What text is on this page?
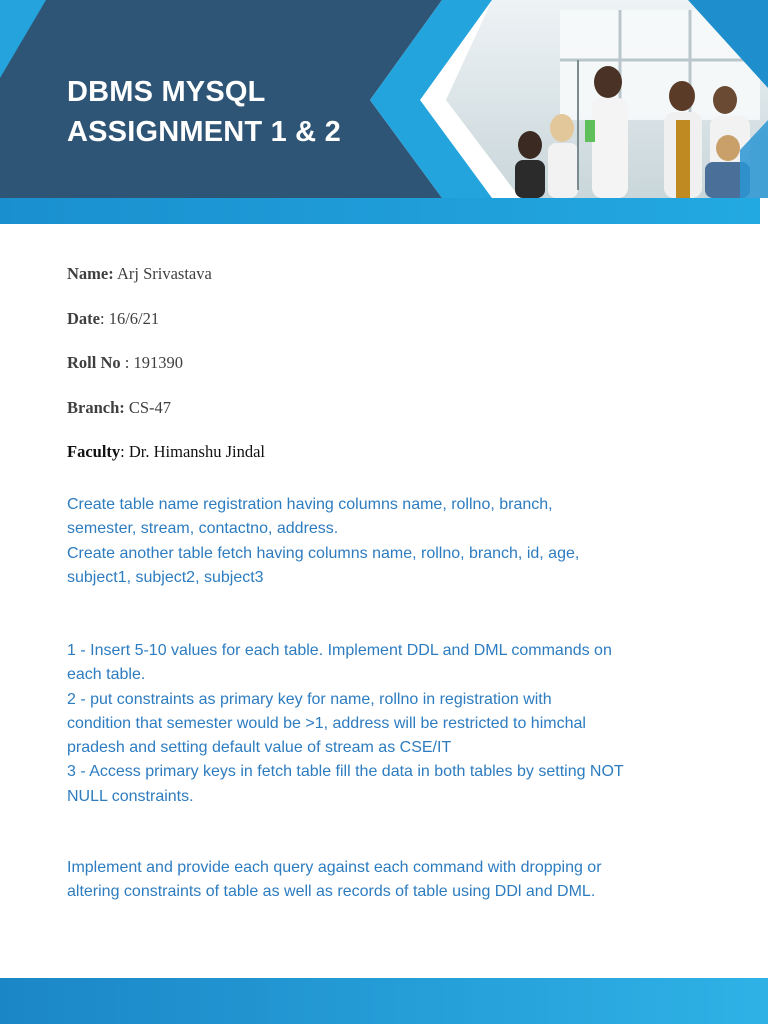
DBMS MYSQL
ASSIGNMENT 1 & 2
Name: Arj Srivastava
Date: 16/6/21
Roll No : 191390
Branch: CS-47
Faculty: Dr. Himanshu Jindal

Create table name registration having columns name, rollno, branch,
semester, stream, contactno, address.
Create another table fetch having columns name, rollno, branch, id, age,
subject1, subject2, subject3

1 - Insert 5-10 values for each table. Implement DDL and DML commands on
each table.
2 - put constraints as primary key for name, rollno in registration with
condition that semester would be >1, address will be restricted to himchal
pradesh and setting default value of stream as CSE/IT
3 - Access primary keys in fetch table fill the data in both tables by setting NOT
NULL constraints.

Implement and provide each query against each command with dropping or
altering constraints of table as well as records of table using DDl and DML.
